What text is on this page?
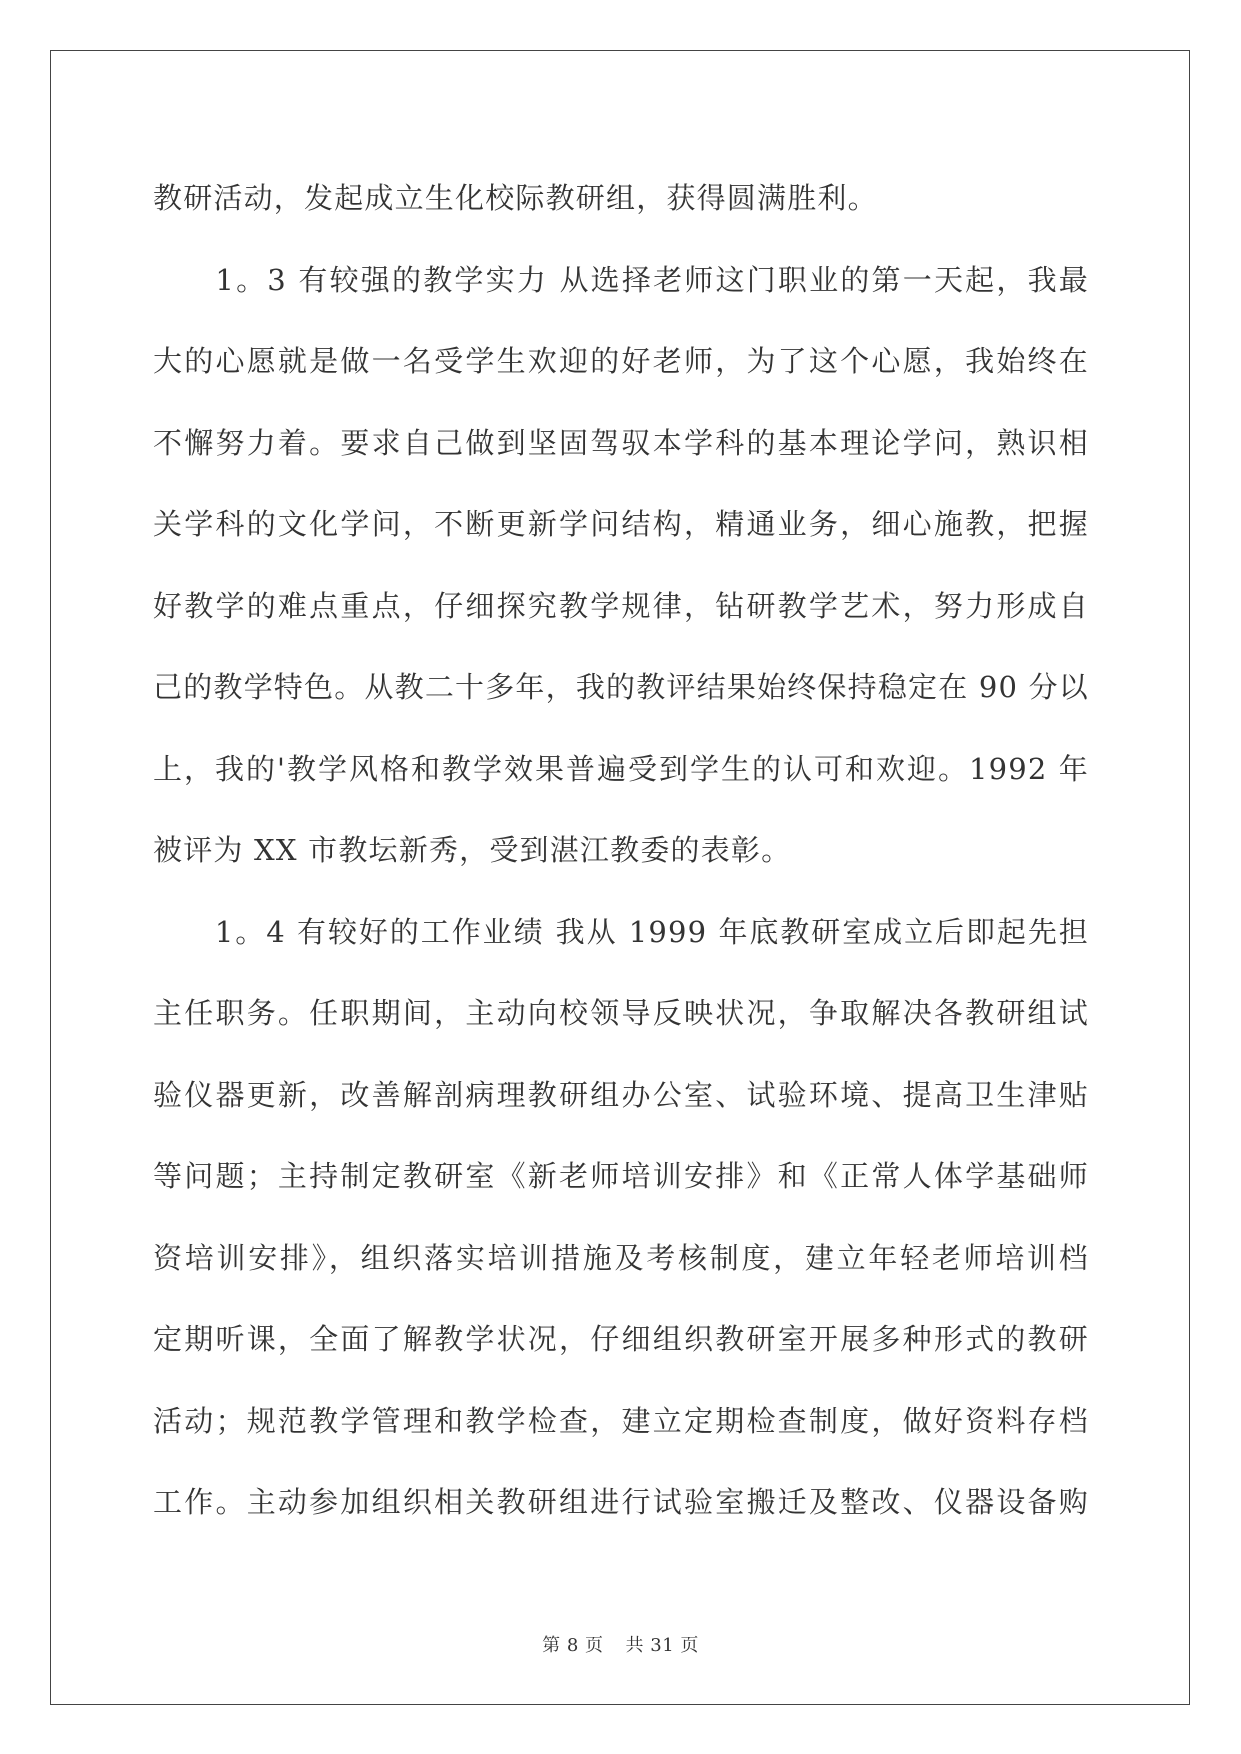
教研活动，发起成立生化校际教研组，获得圆满胜利。
　　1。3 有较强的教学实力 从选择老师这门职业的第一天起，我最
大的心愿就是做一名受学生欢迎的好老师，为了这个心愿，我始终在
不懈努力着。要求自己做到坚固驾驭本学科的基本理论学问，熟识相
关学科的文化学问，不断更新学问结构，精通业务，细心施教，把握
好教学的难点重点，仔细探究教学规律，钻研教学艺术，努力形成自
己的教学特色。从教二十多年，我的教评结果始终保持稳定在 90 分以
上，我的'教学风格和教学效果普遍受到学生的认可和欢迎。1992 年
被评为 XX 市教坛新秀，受到湛江教委的表彰。
　　1。4 有较好的工作业绩 我从 1999 年底教研室成立后即起先担
主任职务。任职期间，主动向校领导反映状况，争取解决各教研组试
验仪器更新，改善解剖病理教研组办公室、试验环境、提高卫生津贴
等问题；主持制定教研室《新老师培训安排》和《正常人体学基础师
资培训安排》，组织落实培训措施及考核制度，建立年轻老师培训档
定期听课，全面了解教学状况，仔细组织教研室开展多种形式的教研
活动；规范教学管理和教学检查，建立定期检查制度，做好资料存档
工作。主动参加组织相关教研组进行试验室搬迁及整改、仪器设备购
第 8 页 共 31 页
